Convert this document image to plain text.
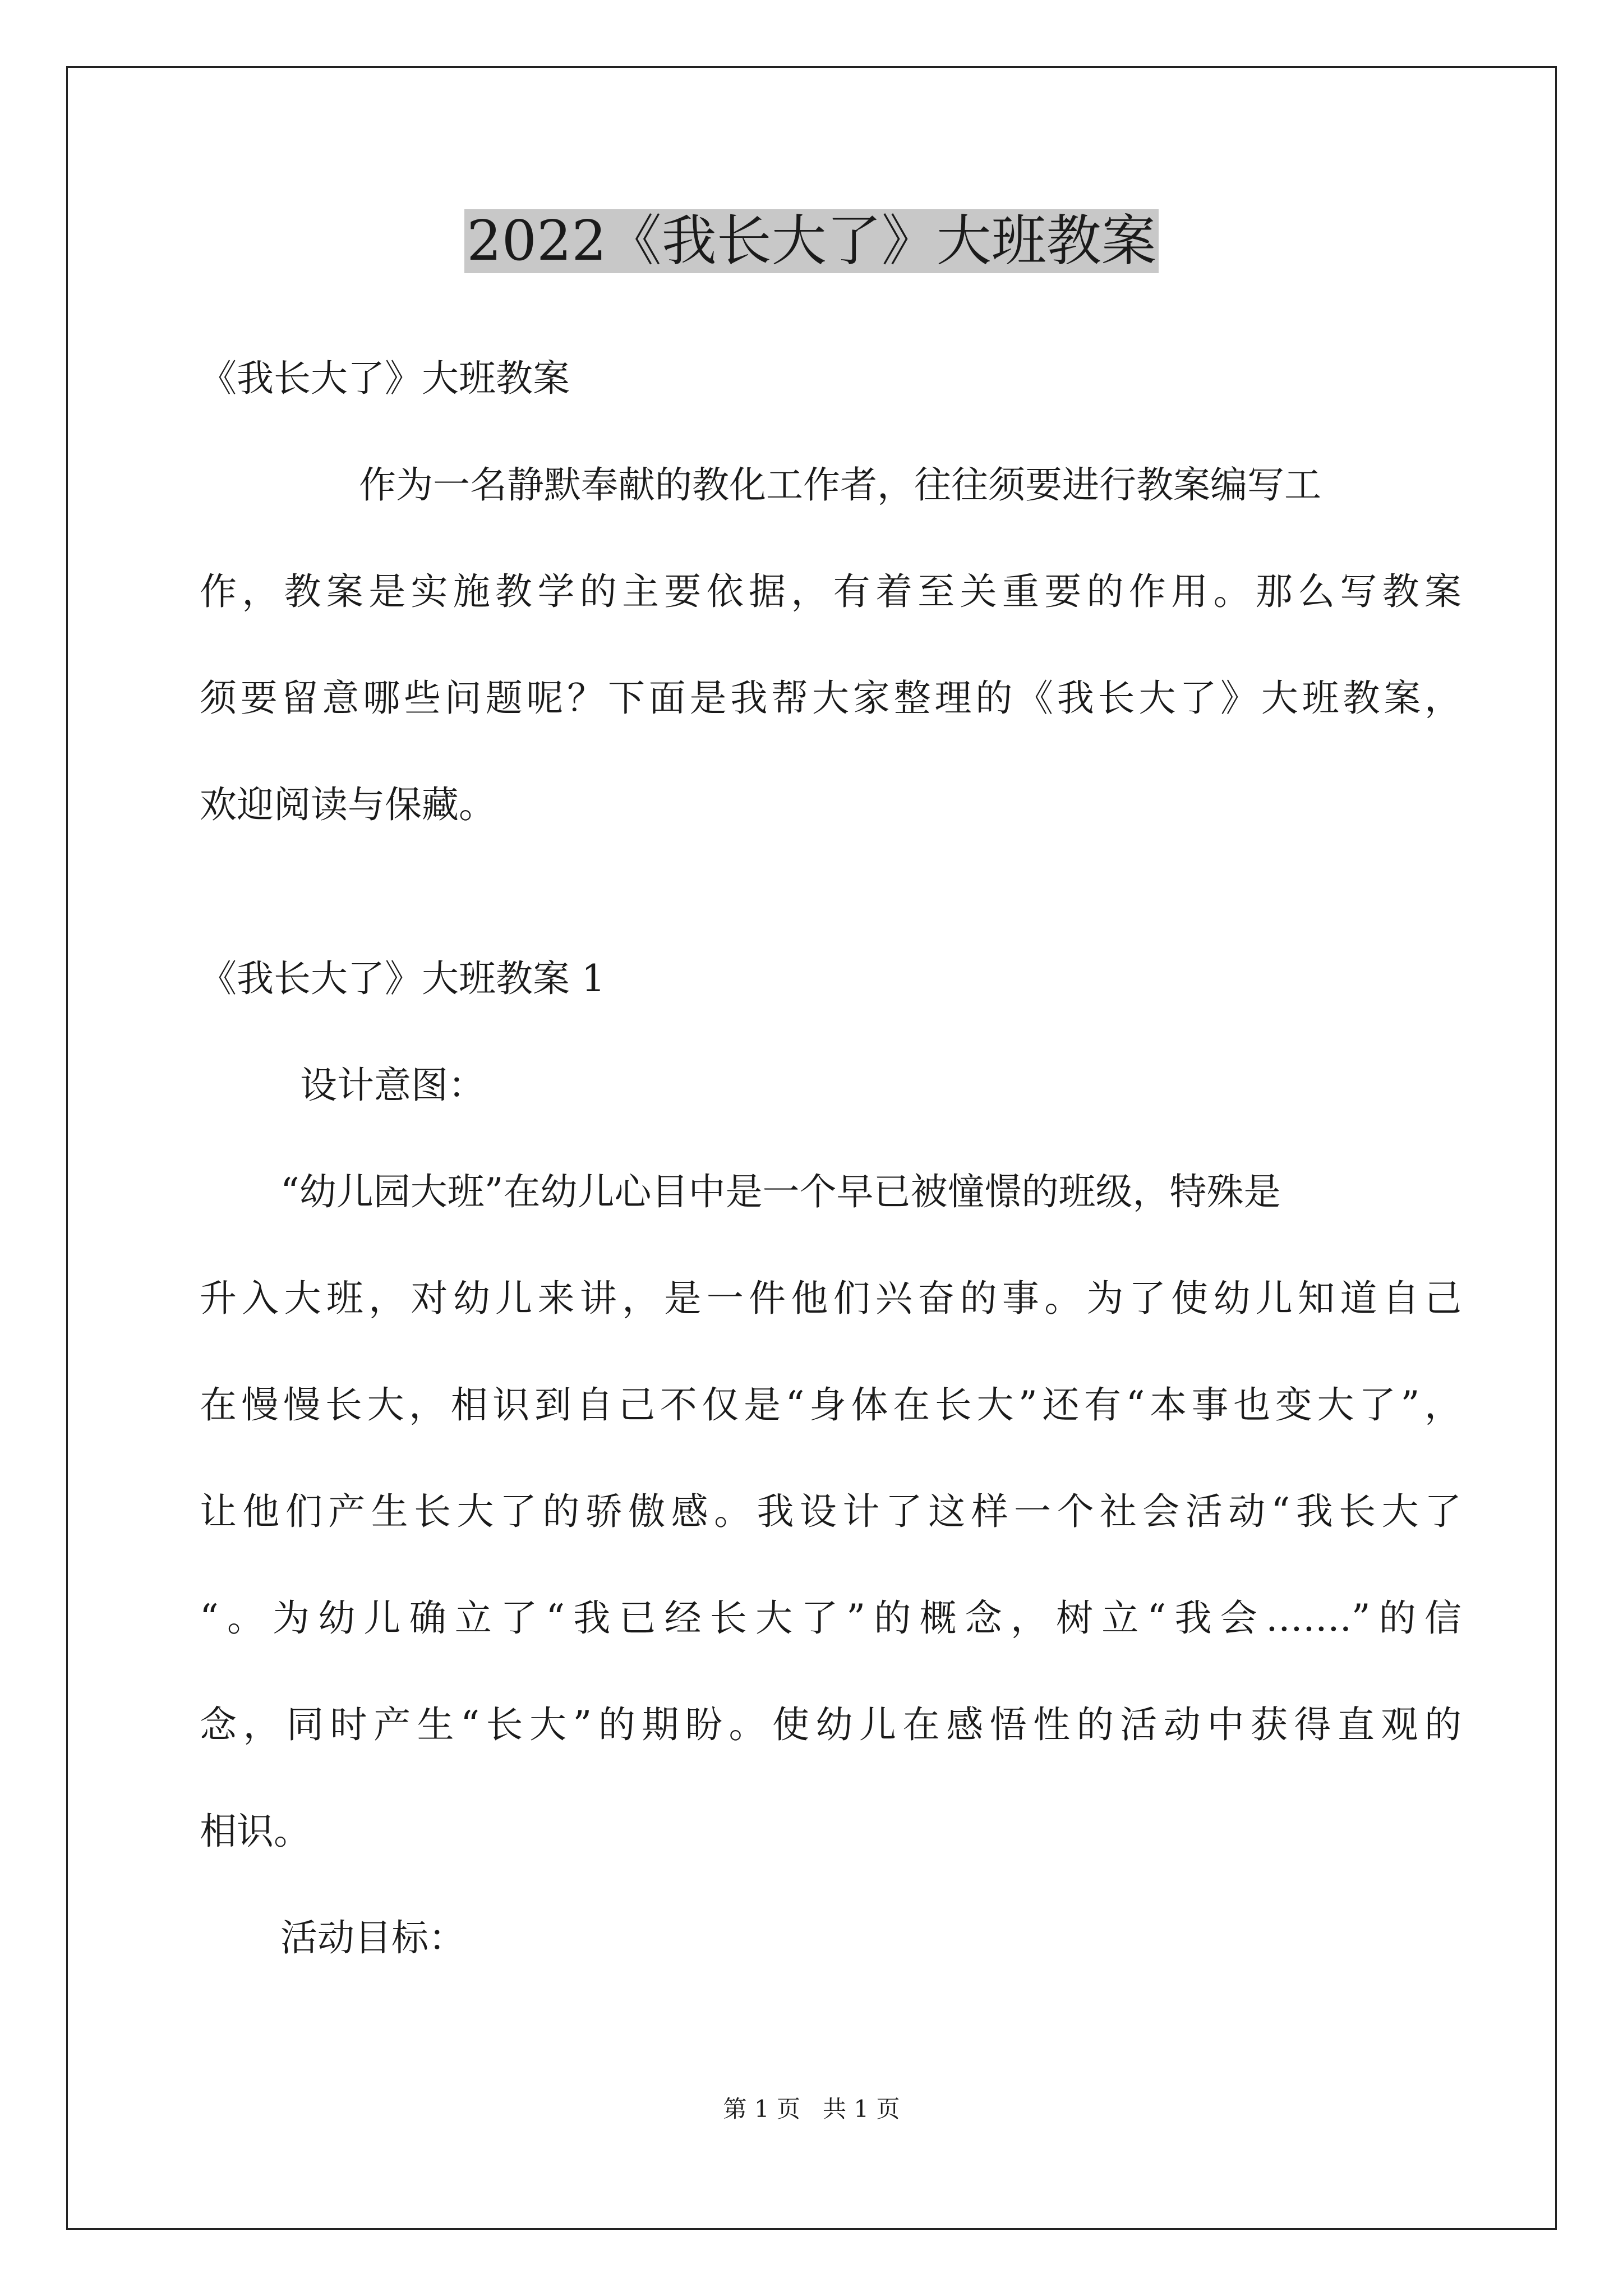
2022《我长大了》大班教案

《我长大了》大班教案

作为一名静默奉献的教化工作者，往往须要进行教案编写工

作，教案是实施教学的主要依据，有着至关重要的作用。那么写教案

须要留意哪些问题呢？下面是我帮大家整理的《我长大了》大班教案，

欢迎阅读与保藏。

《我长大了》大班教案 1

设计意图：

“幼儿园大班”在幼儿心目中是一个早已被憧憬的班级，特殊是

升入大班，对幼儿来讲，是一件他们兴奋的事。为了使幼儿知道自己

在慢慢长大，相识到自己不仅是“身体在长大”还有“本事也变大了”，

让他们产生长大了的骄傲感。我设计了这样一个社会活动“我长大了

“。为幼儿确立了“我已经长大了”的概念，树立“我会…….”的信

念，同时产生“长大”的期盼。使幼儿在感悟性的活动中获得直观的

相识。

活动目标：

第 1 页   共 1 页
